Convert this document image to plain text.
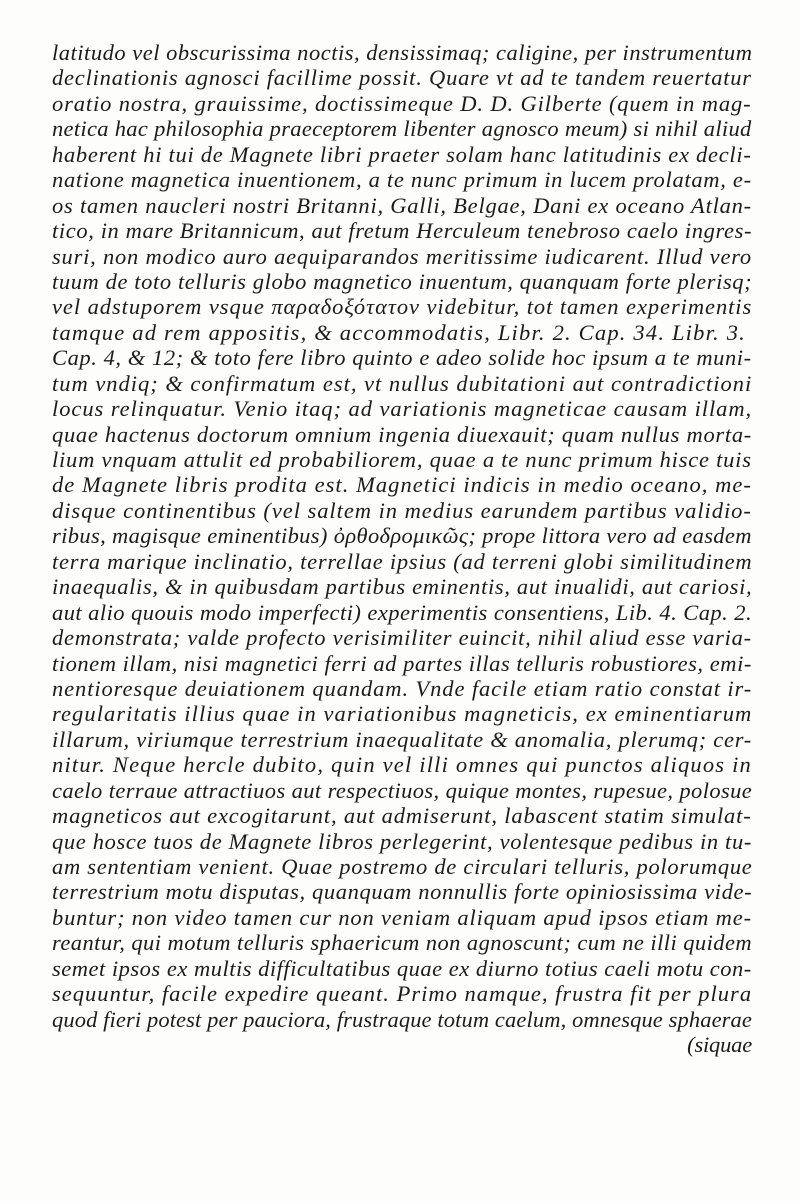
latitudo vel obscurissima noctis, densissimaq; caligine, per instrumentum
declinationis agnosci facillime possit. Quare vt ad te tandem reuertatur
oratio nostra, grauissime, doctissimeque D. D. Gilberte (quem in mag-
netica hac philosophia praeceptorem libenter agnosco meum) si nihil aliud
haberent hi tui de Magnete libri praeter solam hanc latitudinis ex decli-
natione magnetica inuentionem, a te nunc primum in lucem prolatam, e-
os tamen naucleri nostri Britanni, Galli, Belgae, Dani ex oceano Atlan-
tico, in mare Britannicum, aut fretum Herculeum tenebroso caelo ingres-
suri, non modico auro aequiparandos meritissime iudicarent. Illud vero
tuum de toto telluris globo magnetico inuentum, quanquam forte plerisq;
vel adstuporem vsque παραδοξότατον videbitur, tot tamen experimentis
tamque ad rem appositis, & accommodatis, Libr. 2. Cap. 34. Libr. 3.
Cap. 4, & 12; & toto fere libro quinto e adeo solide hoc ipsum a te muni-
tum vndiq; & confirmatum est, vt nullus dubitationi aut contradictioni
locus relinquatur. Venio itaq; ad variationis magneticae causam illam,
quae hactenus doctorum omnium ingenia diuexauit; quam nullus morta-
lium vnquam attulit ed probabiliorem, quae a te nunc primum hisce tuis
de Magnete libris prodita est. Magnetici indicis in medio oceano, me-
disque continentibus (vel saltem in medius earundem partibus validio-
ribus, magisque eminentibus) ὀρθοδρομικῶς; prope littora vero ad easdem
terra marique inclinatio, terrellae ipsius (ad terreni globi similitudinem
inaequalis, & in quibusdam partibus eminentis, aut inualidi, aut cariosi,
aut alio quouis modo imperfecti) experimentis consentiens, Lib. 4. Cap. 2.
demonstrata; valde profecto verisimiliter euincit, nihil aliud esse varia-
tionem illam, nisi magnetici ferri ad partes illas telluris robustiores, emi-
nentioresque deuiationem quandam. Vnde facile etiam ratio constat ir-
regularitatis illius quae in variationibus magneticis, ex eminentiarum
illarum, viriumque terrestrium inaequalitate & anomalia, plerumq; cer-
nitur. Neque hercle dubito, quin vel illi omnes qui punctos aliquos in
caelo terraue attractiuos aut respectiuos, quique montes, rupesue, polosue
magneticos aut excogitarunt, aut admiserunt, labascent statim simulat-
que hosce tuos de Magnete libros perlegerint, volentesque pedibus in tu-
am sententiam venient. Quae postremo de circulari telluris, polorumque
terrestrium motu disputas, quanquam nonnullis forte opiniosissima vide-
buntur; non video tamen cur non veniam aliquam apud ipsos etiam me-
reantur, qui motum telluris sphaericum non agnoscunt; cum ne illi quidem
semet ipsos ex multis difficultatibus quae ex diurno totius caeli motu con-
sequuntur, facile expedire queant. Primo namque, frustra fit per plura
quod fieri potest per pauciora, frustraque totum caelum, omnesque sphaerae
(siquae
